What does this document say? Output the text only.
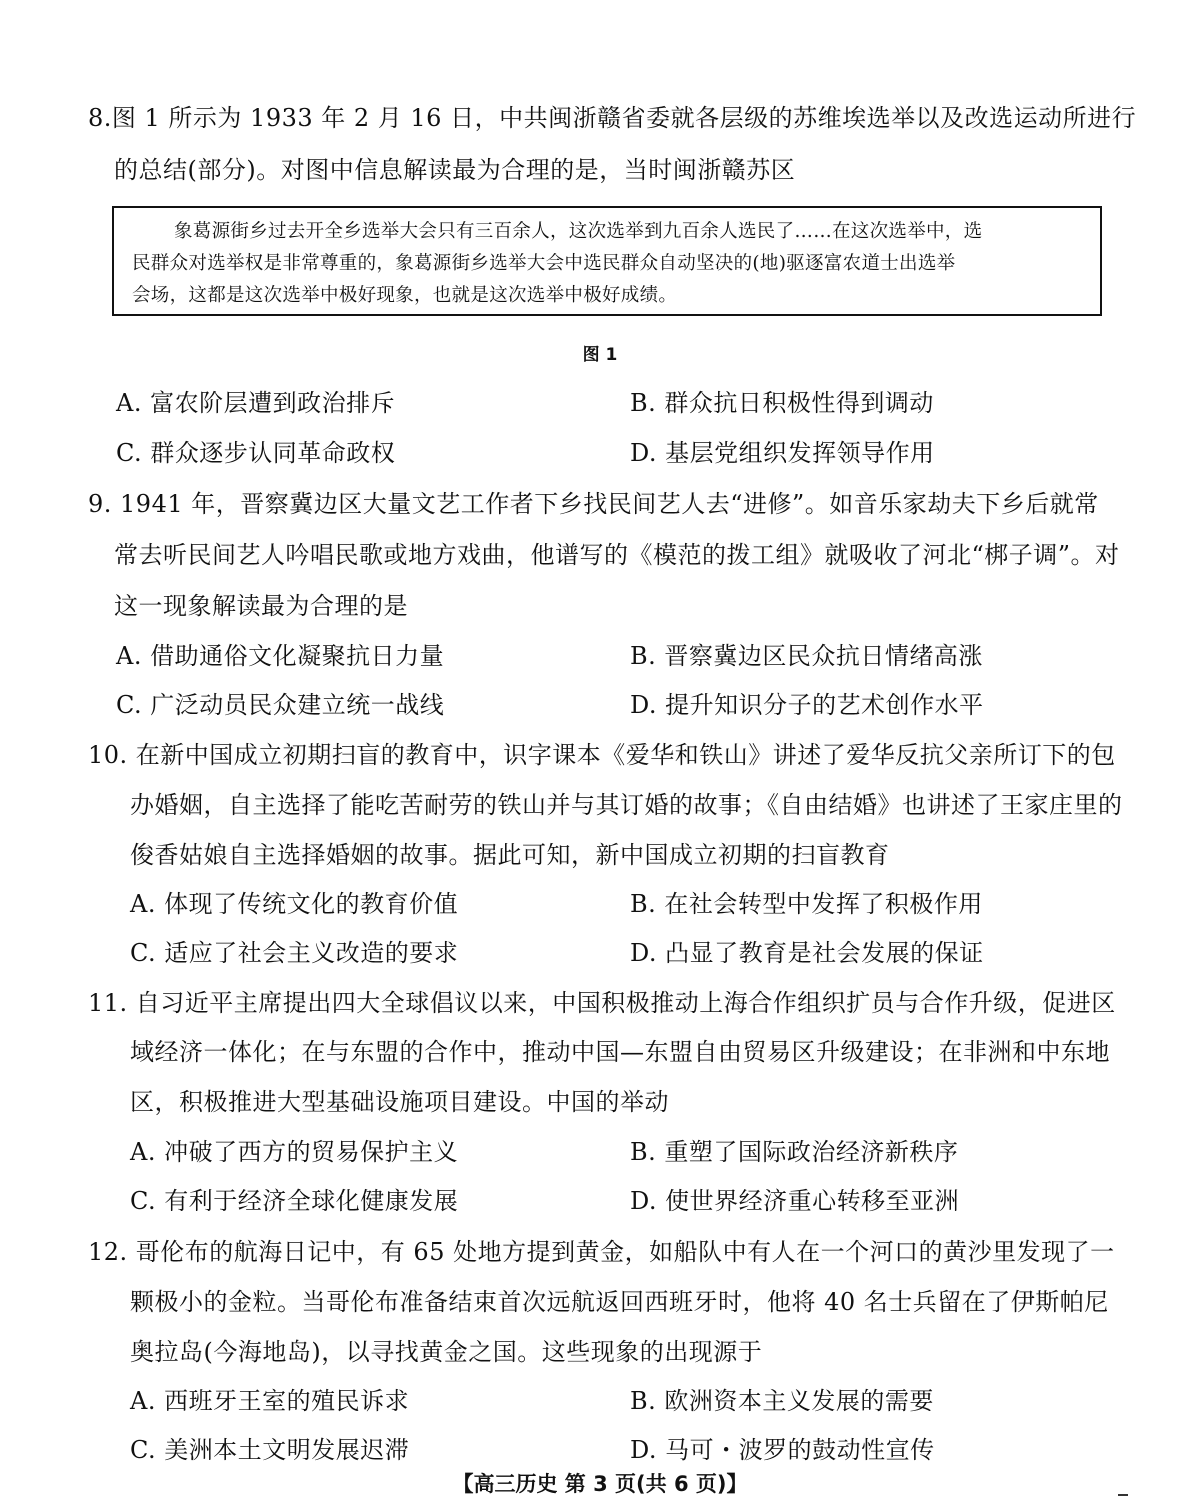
8.图 1 所示为 1933 年 2 月 16 日，中共闽浙赣省委就各层级的苏维埃选举以及改选运动所进行
的总结(部分)。对图中信息解读最为合理的是，当时闽浙赣苏区
象葛源街乡过去开全乡选举大会只有三百余人，这次选举到九百余人选民了……在这次选举中，选
民群众对选举权是非常尊重的，象葛源街乡选举大会中选民群众自动坚决的(地)驱逐富农道士出选举
会场，这都是这次选举中极好现象，也就是这次选举中极好成绩。
图 1
A. 富农阶层遭到政治排斥	B. 群众抗日积极性得到调动
C. 群众逐步认同革命政权	D. 基层党组织发挥领导作用
9. 1941 年，晋察冀边区大量文艺工作者下乡找民间艺人去“进修”。如音乐家劫夫下乡后就常
常去听民间艺人吟唱民歌或地方戏曲，他谱写的《模范的拨工组》就吸收了河北“梆子调”。对
这一现象解读最为合理的是
A. 借助通俗文化凝聚抗日力量	B. 晋察冀边区民众抗日情绪高涨
C. 广泛动员民众建立统一战线	D. 提升知识分子的艺术创作水平
10. 在新中国成立初期扫盲的教育中，识字课本《爱华和铁山》讲述了爱华反抗父亲所订下的包
办婚姻，自主选择了能吃苦耐劳的铁山并与其订婚的故事；《自由结婚》也讲述了王家庄里的
俊香姑娘自主选择婚姻的故事。据此可知，新中国成立初期的扫盲教育
A. 体现了传统文化的教育价值	B. 在社会转型中发挥了积极作用
C. 适应了社会主义改造的要求	D. 凸显了教育是社会发展的保证
11. 自习近平主席提出四大全球倡议以来，中国积极推动上海合作组织扩员与合作升级，促进区
域经济一体化；在与东盟的合作中，推动中国—东盟自由贸易区升级建设；在非洲和中东地
区，积极推进大型基础设施项目建设。中国的举动
A. 冲破了西方的贸易保护主义	B. 重塑了国际政治经济新秩序
C. 有利于经济全球化健康发展	D. 使世界经济重心转移至亚洲
12. 哥伦布的航海日记中，有 65 处地方提到黄金，如船队中有人在一个河口的黄沙里发现了一
颗极小的金粒。当哥伦布准备结束首次远航返回西班牙时，他将 40 名士兵留在了伊斯帕尼
奥拉岛(今海地岛)，以寻找黄金之国。这些现象的出现源于
A. 西班牙王室的殖民诉求	B. 欧洲资本主义发展的需要
C. 美洲本土文明发展迟滞	D. 马可・波罗的鼓动性宣传
【高三历史 第 3 页(共 6 页)】
